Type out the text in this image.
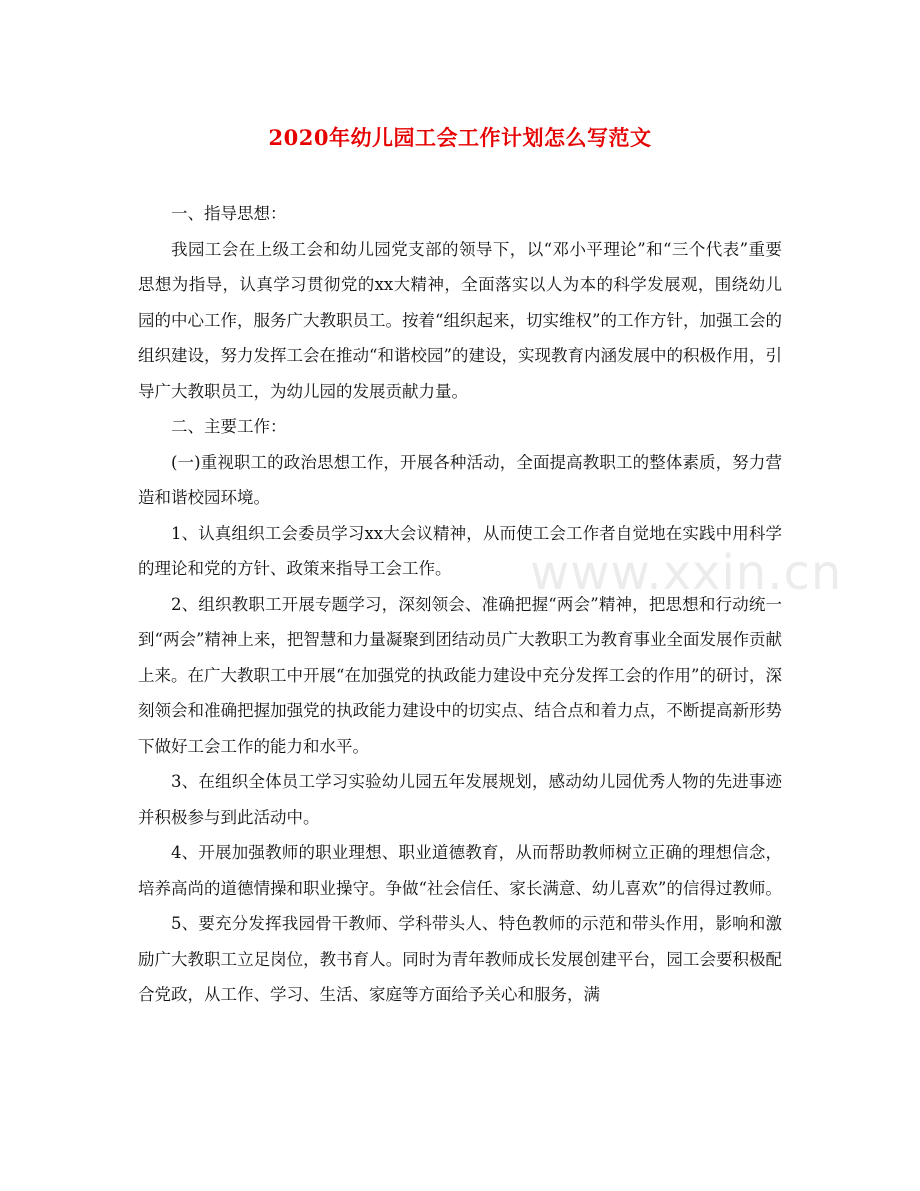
2020年幼儿园工会工作计划怎么写范文

一、指导思想：

我园工会在上级工会和幼儿园党支部的领导下，以“邓小平理论”和“三个代表”重要思想为指导，认真学习贯彻党的xx大精神，全面落实以人为本的科学发展观，围绕幼儿园的中心工作，服务广大教职员工。按着“组织起来，切实维权”的工作方针，加强工会的组织建设，努力发挥工会在推动“和谐校园”的建设，实现教育内涵发展中的积极作用，引导广大教职员工，为幼儿园的发展贡献力量。

二、主要工作：

(一)重视职工的政治思想工作，开展各种活动，全面提高教职工的整体素质，努力营造和谐校园环境。

1、认真组织工会委员学习xx大会议精神，从而使工会工作者自觉地在实践中用科学的理论和党的方针、政策来指导工会工作。

2、组织教职工开展专题学习，深刻领会、准确把握“两会”精神，把思想和行动统一到“两会”精神上来，把智慧和力量凝聚到团结动员广大教职工为教育事业全面发展作贡献上来。在广大教职工中开展“在加强党的执政能力建设中充分发挥工会的作用”的研讨，深刻领会和准确把握加强党的执政能力建设中的切实点、结合点和着力点，不断提高新形势下做好工会工作的能力和水平。

3、在组织全体员工学习实验幼儿园五年发展规划，感动幼儿园优秀人物的先进事迹并积极参与到此活动中。

4、开展加强教师的职业理想、职业道德教育，从而帮助教师树立正确的理想信念，培养高尚的道德情操和职业操守。争做“社会信任、家长满意、幼儿喜欢”的信得过教师。

5、要充分发挥我园骨干教师、学科带头人、特色教师的示范和带头作用，影响和激励广大教职工立足岗位，教书育人。同时为青年教师成长发展创建平台，园工会要积极配合党政，从工作、学习、生活、家庭等方面给予关心和服务，满

www.xxin.cn
